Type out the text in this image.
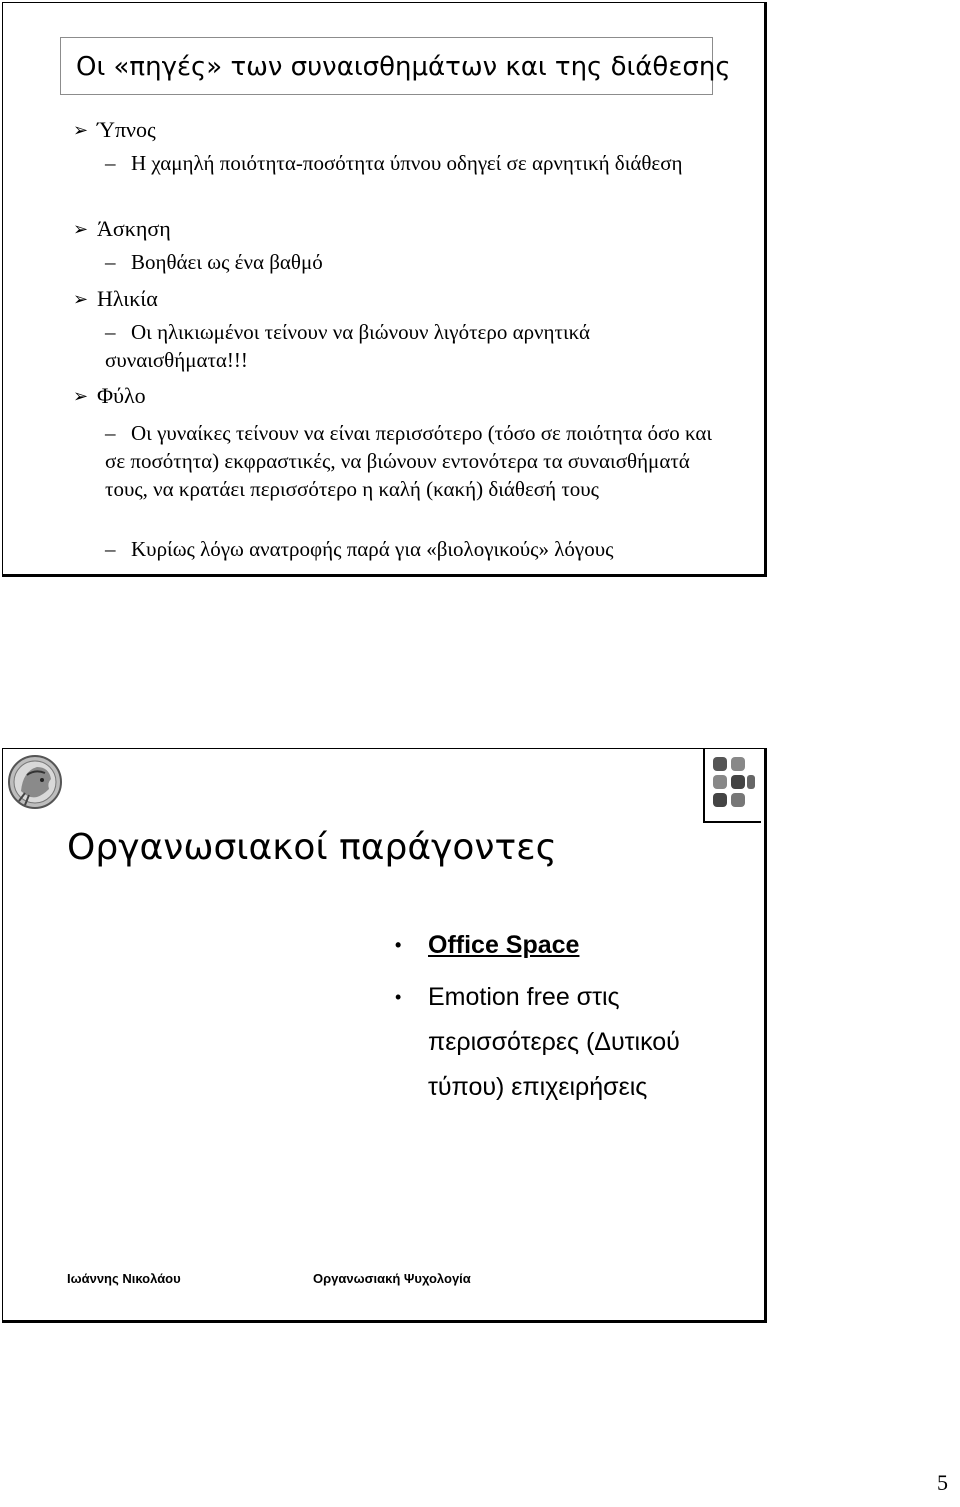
Οι «πηγές» των συναισθημάτων και της διάθεσης
➢ Ύπνος
– Η χαμηλή ποιότητα-ποσότητα ύπνου οδηγεί σε αρνητική διάθεση
➢ Άσκηση
– Βοηθάει ως ένα βαθμό
➢ Ηλικία
– Οι ηλικιωμένοι τείνουν να βιώνουν λιγότερο αρνητικά συναισθήματα!!!
➢ Φύλο
– Οι γυναίκες τείνουν να είναι περισσότερο (τόσο σε ποιότητα όσο και σε ποσότητα) εκφραστικές, να βιώνουν εντονότερα τα συναισθήματά τους, να κρατάει περισσότερο η καλή (κακή) διάθεσή τους
– Κυρίως λόγω ανατροφής παρά για «βιολογικούς» λόγους
Οργανωσιακοί παράγοντες
• Office Space
• Emotion free στις περισσότερες (Δυτικού τύπου) επιχειρήσεις
Ιωάννης Νικολάου	Οργανωσιακή Ψυχολογία
5
